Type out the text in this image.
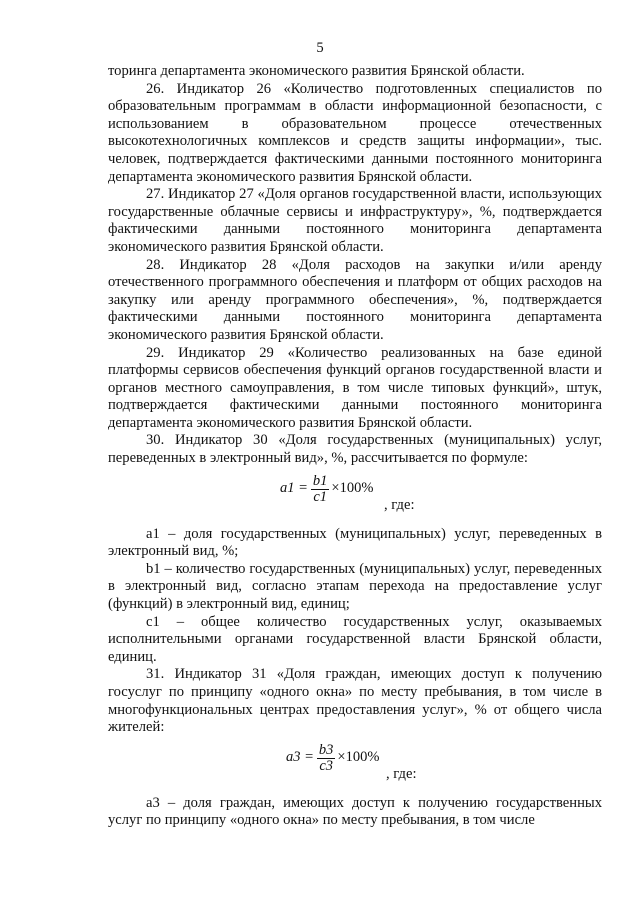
5

торинга департамента экономического развития Брянской области.

26. Индикатор 26 «Количество подготовленных специалистов по образовательным программам в области информационной безопасности, с использованием в образовательном процессе отечественных высокотехнологичных комплексов и средств защиты информации», тыс. человек, подтверждается фактическими данными постоянного мониторинга департамента экономического развития Брянской области.

27. Индикатор 27 «Доля органов государственной власти, использующих государственные облачные сервисы и инфраструктуру», %, подтверждается фактическими данными постоянного мониторинга департамента экономического развития Брянской области.

28. Индикатор 28 «Доля расходов на закупки и/или аренду отечественного программного обеспечения и платформ от общих расходов на закупку или аренду программного обеспечения», %, подтверждается фактическими данными постоянного мониторинга департамента экономического развития Брянской области.

29. Индикатор 29 «Количество реализованных на базе единой платформы сервисов обеспечения функций органов государственной власти и органов местного самоуправления, в том числе типовых функций», штук, подтверждается фактическими данными постоянного мониторинга департамента экономического развития Брянской области.

30. Индикатор 30 «Доля государственных (муниципальных) услуг, переведенных в электронный вид», %, рассчитывается по формуле:

$a1 = \frac{b1}{c1} \times 100\%$
, где:

a1 – доля государственных (муниципальных) услуг, переведенных в электронный вид, %;

b1 – количество государственных (муниципальных) услуг, переведенных в электронный вид, согласно этапам перехода на предоставление услуг (функций) в электронный вид, единиц;

c1 – общее количество государственных услуг, оказываемых исполнительными органами государственной власти Брянской области, единиц.

31. Индикатор 31 «Доля граждан, имеющих доступ к получению госуслуг по принципу «одного окна» по месту пребывания, в том числе в многофункциональных центрах предоставления услуг», % от общего числа жителей:

$a3 = \frac{b3}{c3} \times 100\%$
, где:

a3 – доля граждан, имеющих доступ к получению государственных услуг по принципу «одного окна» по месту пребывания, в том числе
